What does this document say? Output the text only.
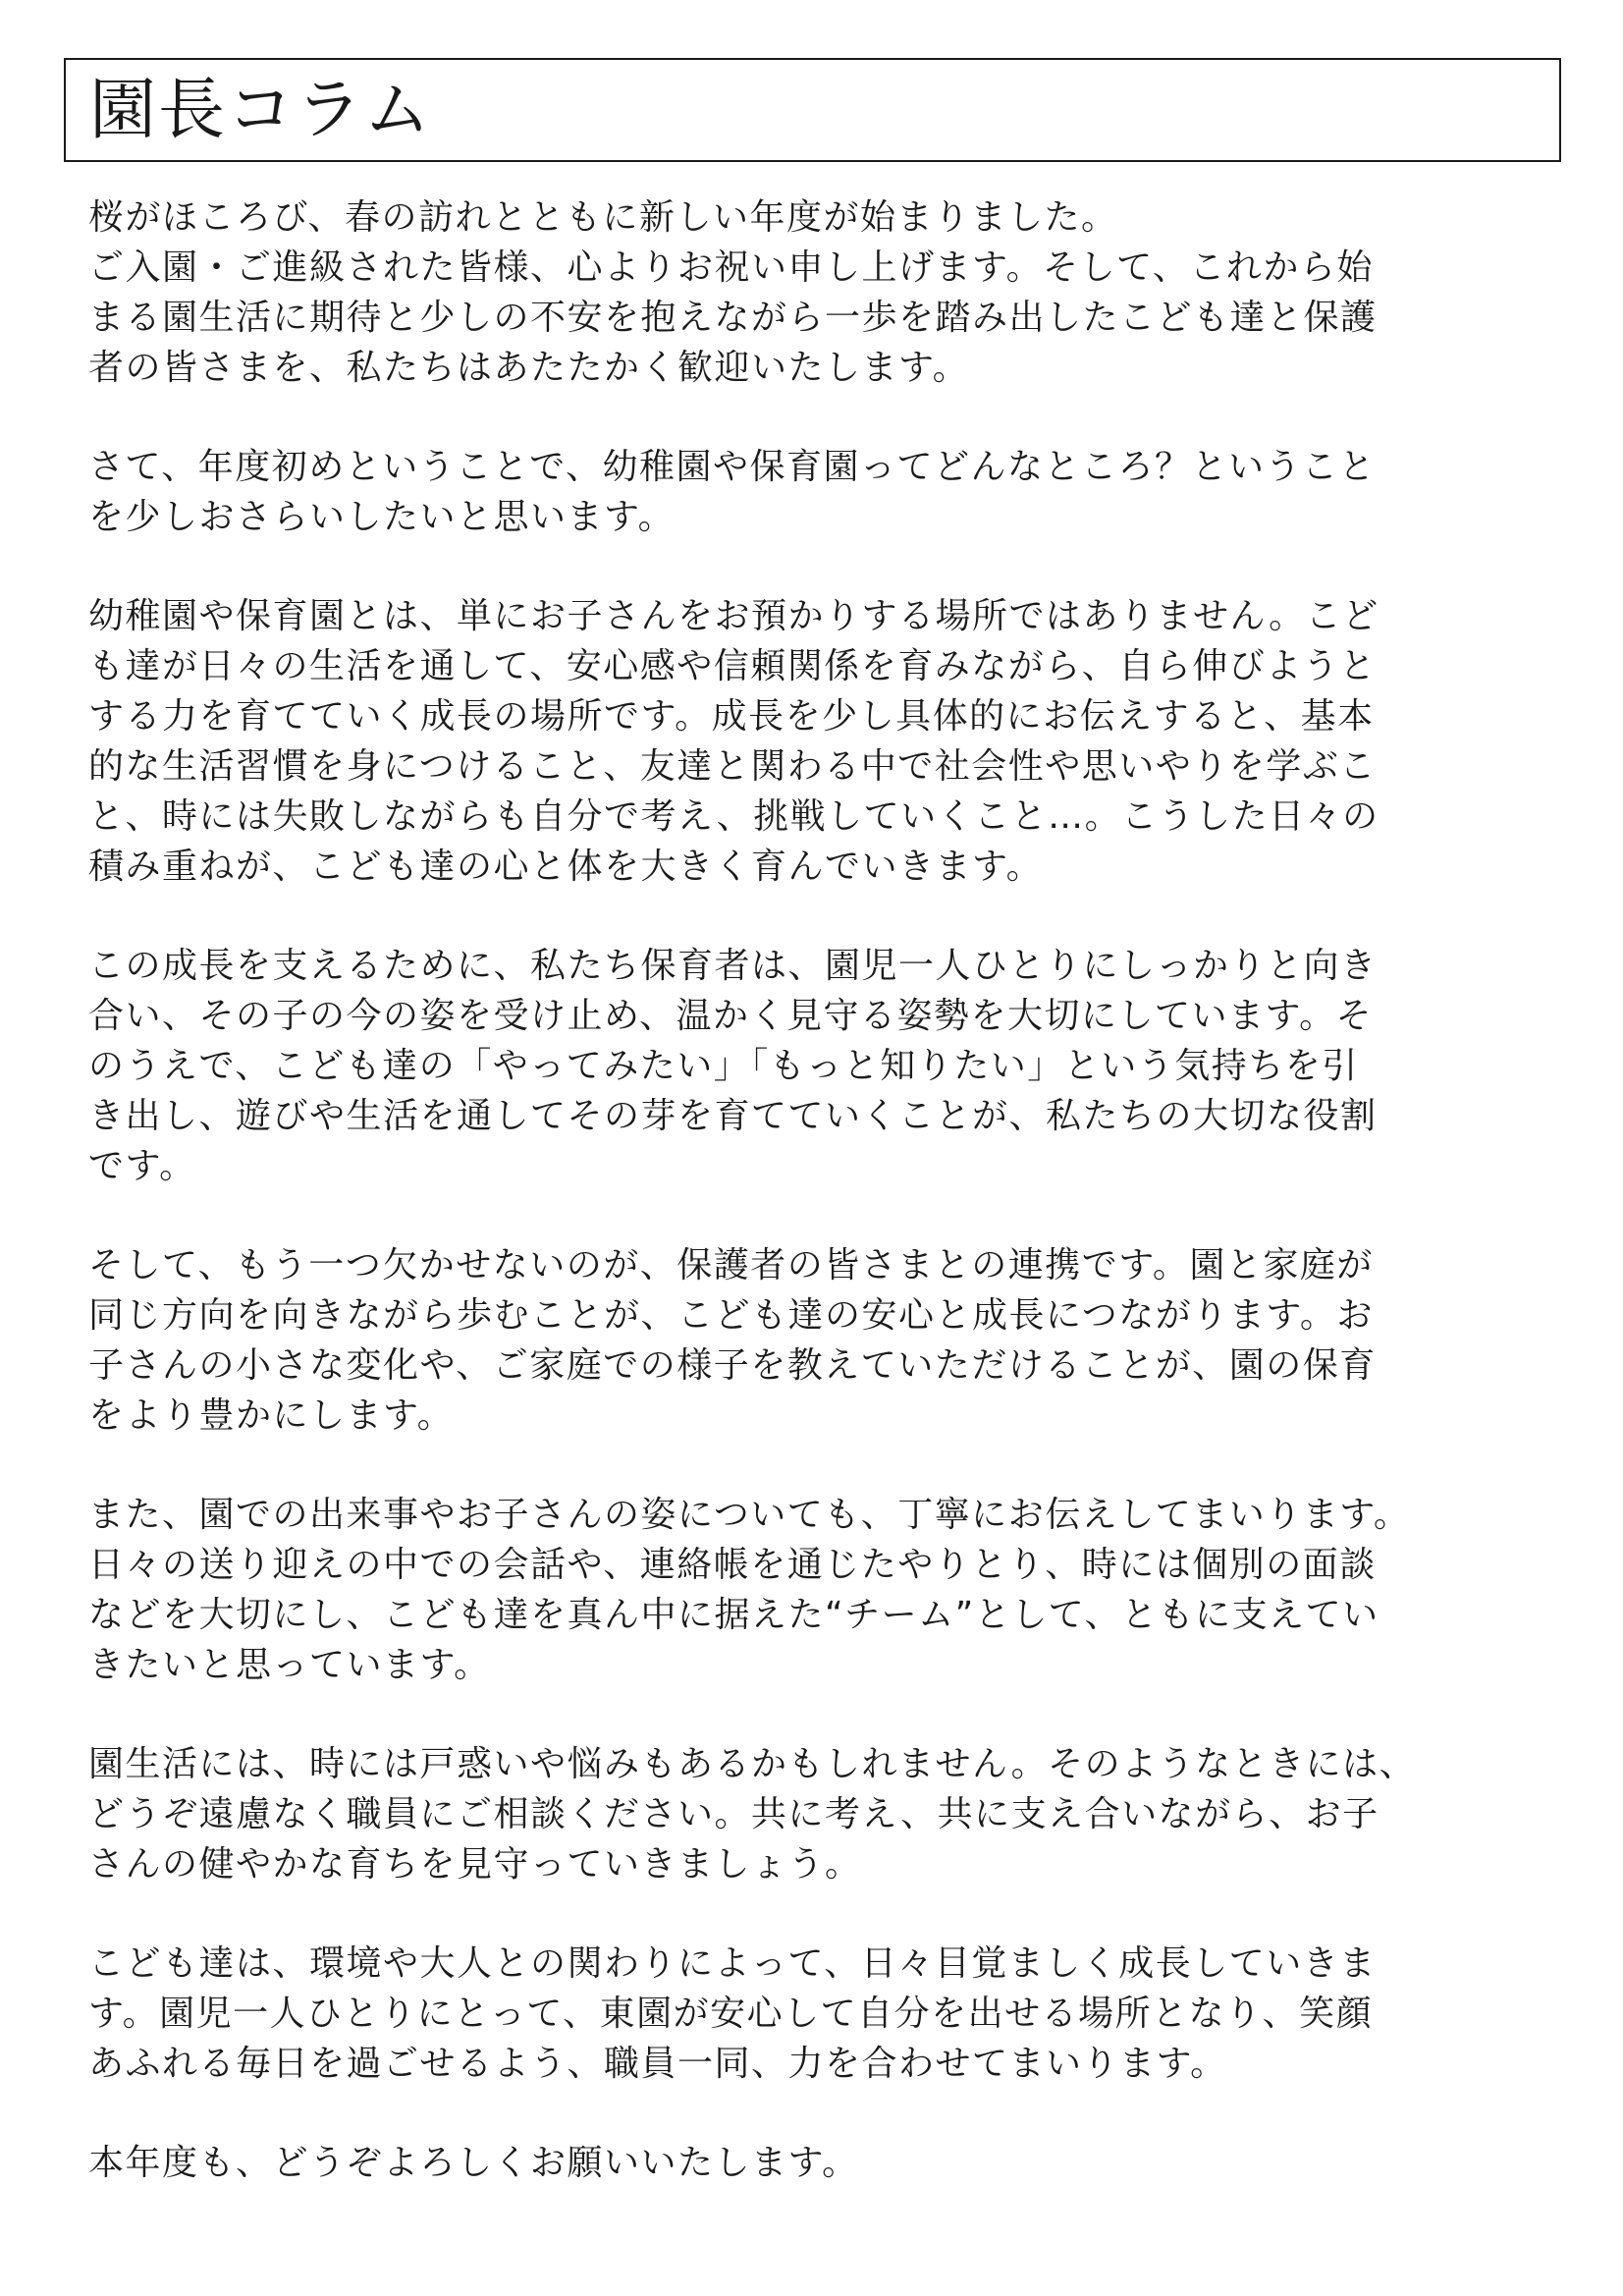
園長コラム
桜がほころび、春の訪れとともに新しい年度が始まりました。
ご入園・ご進級された皆様、心よりお祝い申し上げます。そして、これから始
まる園生活に期待と少しの不安を抱えながら一歩を踏み出したこども達と保護
者の皆さまを、私たちはあたたかく歓迎いたします。
さて、年度初めということで、幼稚園や保育園ってどんなところ？ということ
を少しおさらいしたいと思います。
幼稚園や保育園とは、単にお子さんをお預かりする場所ではありません。こど
も達が日々の生活を通して、安心感や信頼関係を育みながら、自ら伸びようと
する力を育てていく成長の場所です。成長を少し具体的にお伝えすると、基本
的な生活習慣を身につけること、友達と関わる中で社会性や思いやりを学ぶこ
と、時には失敗しながらも自分で考え、挑戦していくこと…。こうした日々の
積み重ねが、こども達の心と体を大きく育んでいきます。
この成長を支えるために、私たち保育者は、園児一人ひとりにしっかりと向き
合い、その子の今の姿を受け止め、温かく見守る姿勢を大切にしています。そ
のうえで、こども達の「やってみたい」「もっと知りたい」という気持ちを引
き出し、遊びや生活を通してその芽を育てていくことが、私たちの大切な役割
です。
そして、もう一つ欠かせないのが、保護者の皆さまとの連携です。園と家庭が
同じ方向を向きながら歩むことが、こども達の安心と成長につながります。お
子さんの小さな変化や、ご家庭での様子を教えていただけることが、園の保育
をより豊かにします。
また、園での出来事やお子さんの姿についても、丁寧にお伝えしてまいります。
日々の送り迎えの中での会話や、連絡帳を通じたやりとり、時には個別の面談
などを大切にし、こども達を真ん中に据えた“チーム”として、ともに支えてい
きたいと思っています。
園生活には、時には戸惑いや悩みもあるかもしれません。そのようなときには、
どうぞ遠慮なく職員にご相談ください。共に考え、共に支え合いながら、お子
さんの健やかな育ちを見守っていきましょう。
こども達は、環境や大人との関わりによって、日々目覚ましく成長していきま
す。園児一人ひとりにとって、東園が安心して自分を出せる場所となり、笑顔
あふれる毎日を過ごせるよう、職員一同、力を合わせてまいります。
本年度も、どうぞよろしくお願いいたします。
